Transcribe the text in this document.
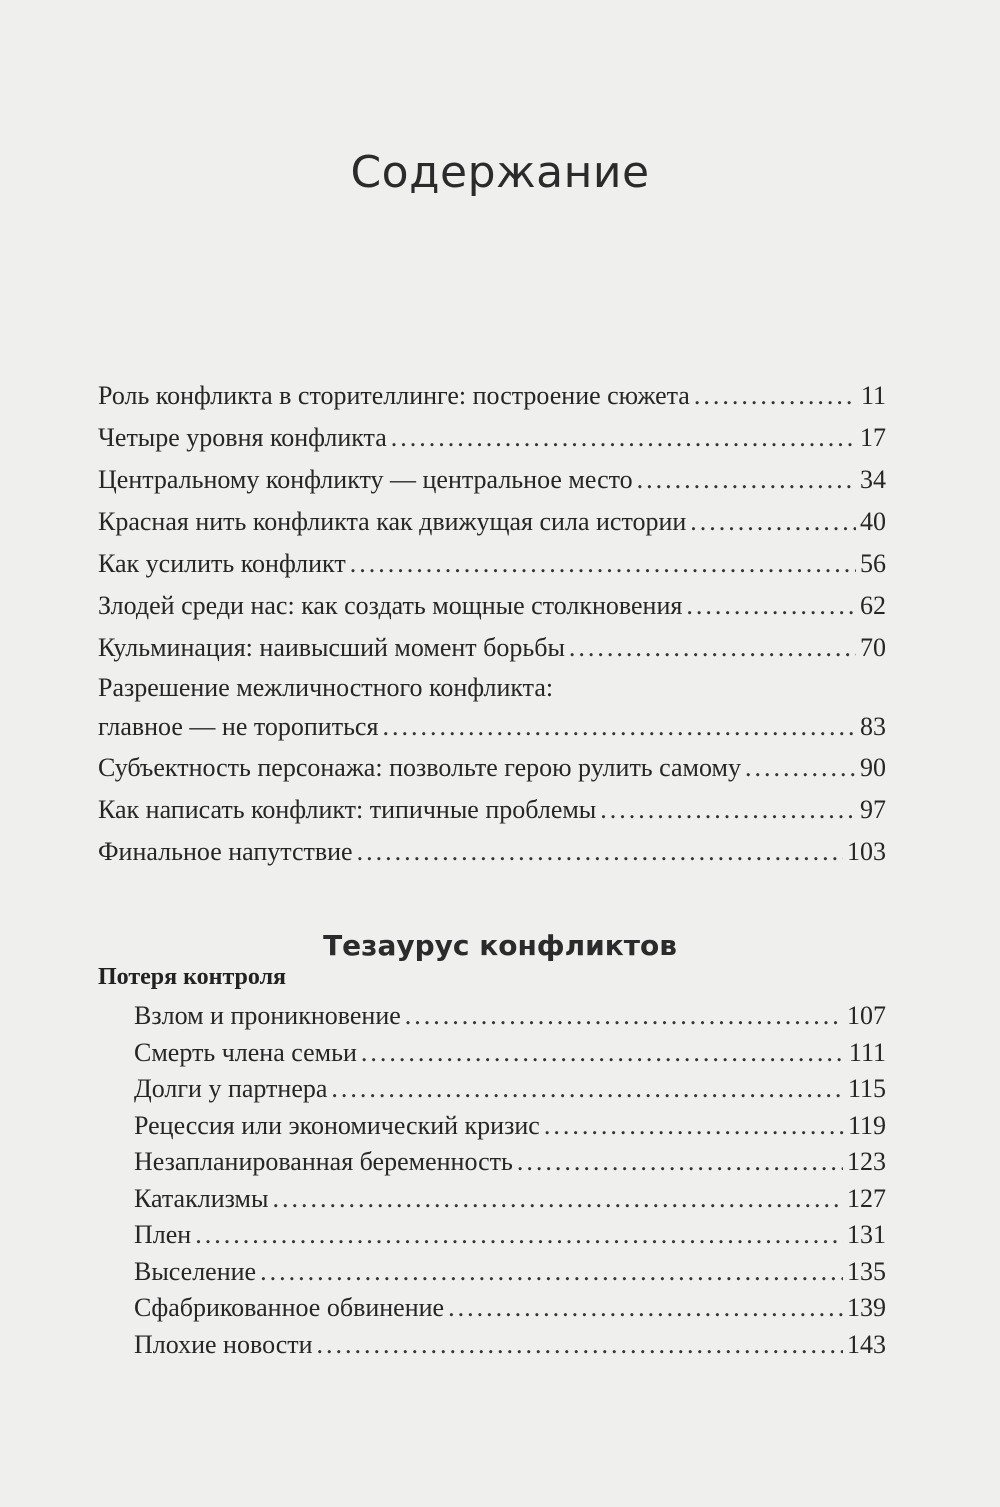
Содержание
Роль конфликта в сторителлинге: построение сюжета .....	11
Четыре уровня конфликта .....	17
Центральному конфликту — центральное место .....	34
Красная нить конфликта как движущая сила истории .....	40
Как усилить конфликт .....	56
Злодей среди нас: как создать мощные столкновения .....	62
Кульминация: наивысший момент борьбы .....	70
Разрешение межличностного конфликта:
главное — не торопиться .....	83
Субъектность персонажа: позвольте герою рулить самому .....	90
Как написать конфликт: типичные проблемы .....	97
Финальное напутствие .....	103
Тезаурус конфликтов
Потеря контроля
Взлом и проникновение .....	107
Смерть члена семьи .....	111
Долги у партнера .....	115
Рецессия или экономический кризис .....	119
Незапланированная беременность .....	123
Катаклизмы .....	127
Плен .....	131
Выселение .....	135
Сфабрикованное обвинение .....	139
Плохие новости .....	143
